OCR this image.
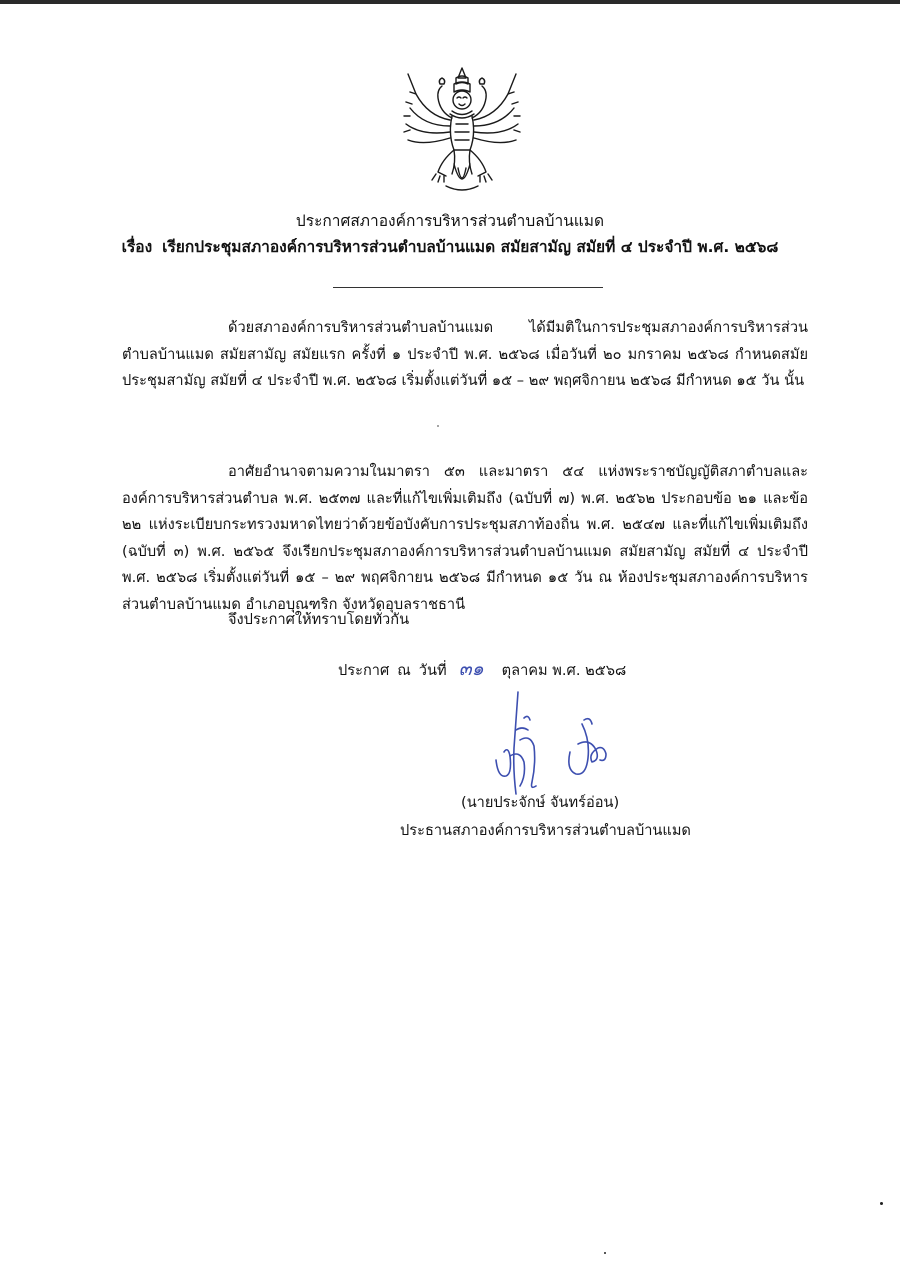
ประกาศสภาองค์การบริหารส่วนตำบลบ้านแมด
เรื่อง เรียกประชุมสภาองค์การบริหารส่วนตำบลบ้านแมด สมัยสามัญ สมัยที่ ๔ ประจำปี พ.ศ. ๒๕๖๘
ด้วยสภาองค์การบริหารส่วนตำบลบ้านแมด ได้มีมติในการประชุมสภาองค์การบริหารส่วนตำบลบ้านแมด สมัยสามัญ สมัยแรก ครั้งที่ ๑ ประจำปี พ.ศ. ๒๕๖๘ เมื่อวันที่ ๒๐ มกราคม ๒๕๖๘ กำหนดสมัยประชุมสามัญ สมัยที่ ๔ ประจำปี พ.ศ. ๒๕๖๘ เริ่มตั้งแต่วันที่ ๑๕ – ๒๙ พฤศจิกายน ๒๕๖๘ มีกำหนด ๑๕ วัน นั้น
อาศัยอำนาจตามความในมาตรา ๕๓ และมาตรา ๕๔ แห่งพระราชบัญญัติสภาตำบลและองค์การบริหารส่วนตำบล พ.ศ. ๒๕๓๗ และที่แก้ไขเพิ่มเติมถึง (ฉบับที่ ๗) พ.ศ. ๒๕๖๒ ประกอบข้อ ๒๑ และข้อ ๒๒ แห่งระเบียบกระทรวงมหาดไทยว่าด้วยข้อบังคับการประชุมสภาท้องถิ่น พ.ศ. ๒๕๔๗ และที่แก้ไขเพิ่มเติมถึง (ฉบับที่ ๓) พ.ศ. ๒๕๖๕ จึงเรียกประชุมสภาองค์การบริหารส่วนตำบลบ้านแมด สมัยสามัญ สมัยที่ ๔ ประจำปี พ.ศ. ๒๕๖๘ เริ่มตั้งแต่วันที่ ๑๕ – ๒๙ พฤศจิกายน ๒๕๖๘ มีกำหนด ๑๕ วัน ณ ห้องประชุมสภาองค์การบริหารส่วนตำบลบ้านแมด อำเภอบุณฑริก จังหวัดอุบลราชธานี
จึงประกาศให้ทราบโดยทั่วกัน
ประกาศ ณ วันที่ ๓๑ ตุลาคม พ.ศ. ๒๕๖๘
(นายประจักษ์ จันทร์อ่อน)
ประธานสภาองค์การบริหารส่วนตำบลบ้านแมด
